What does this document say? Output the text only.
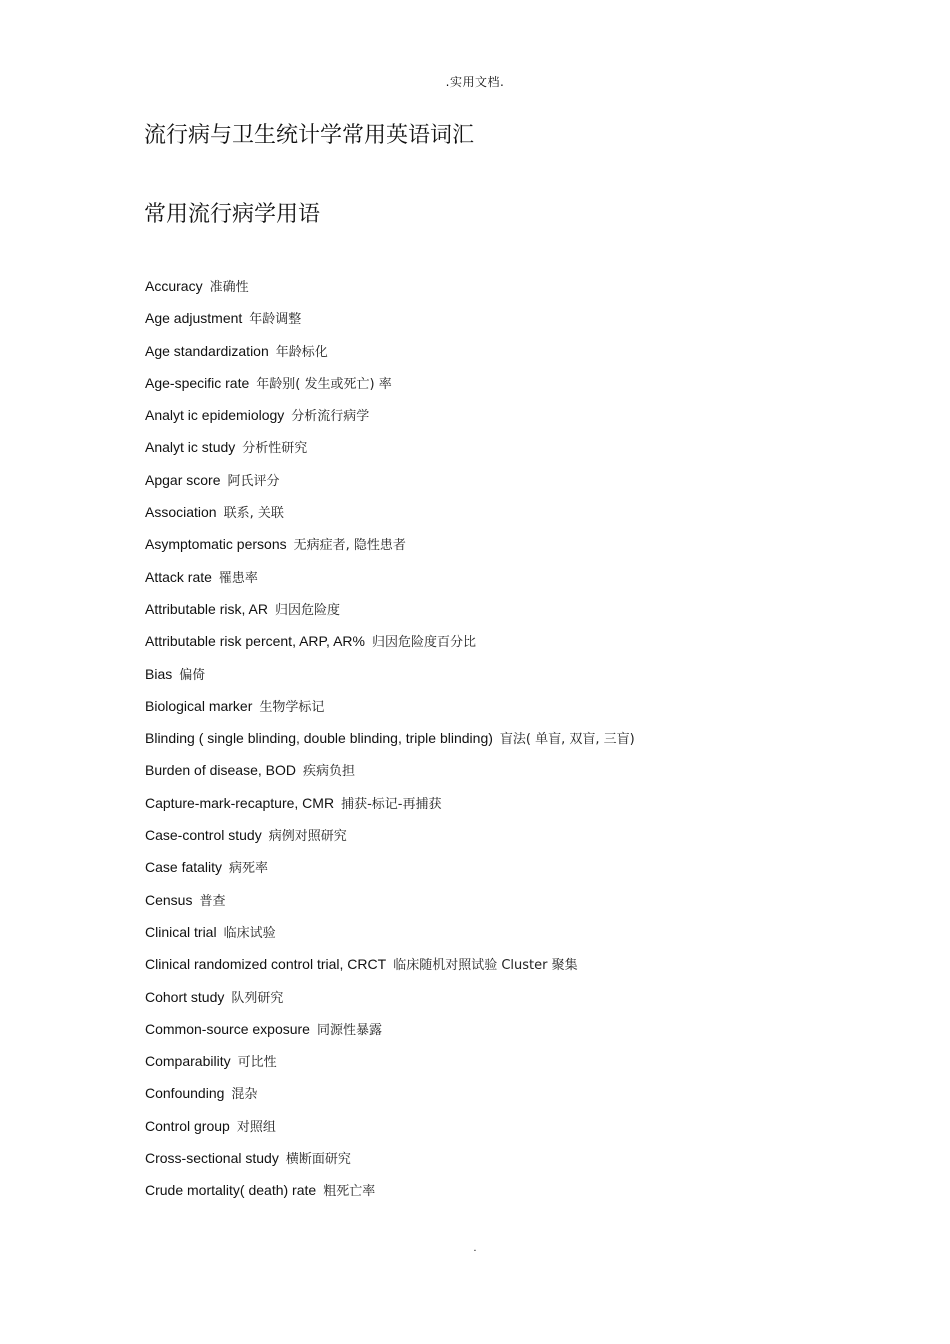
.实用文档.
流行病与卫生统计学常用英语词汇
常用流行病学用语
Accuracy 准确性
Age adjustment 年龄调整
Age standardization 年龄标化
Age-specific rate 年龄别( 发生或死亡) 率
Analyt ic epidemiology 分析流行病学
Analyt ic study 分析性研究
Apgar score 阿氏评分
Association 联系, 关联
Asymptomatic persons 无病症者, 隐性患者
Attack rate 罹患率
Attributable risk, AR 归因危险度
Attributable risk percent, ARP, AR% 归因危险度百分比
Bias 偏倚
Biological marker 生物学标记
Blinding ( single blinding, double blinding, triple blinding) 盲法( 单盲, 双盲, 三盲)
Burden of disease, BOD 疾病负担
Capture-mark-recapture, CMR 捕获-标记-再捕获
Case-control study 病例对照研究
Case fatality 病死率
Census 普查
Clinical trial 临床试验
Clinical randomized control trial, CRCT 临床随机对照试验 Cluster 聚集
Cohort study 队列研究
Common-source exposure 同源性暴露
Comparability 可比性
Confounding 混杂
Control group 对照组
Cross-sectional study 横断面研究
Crude mortality( death) rate 粗死亡率
.
